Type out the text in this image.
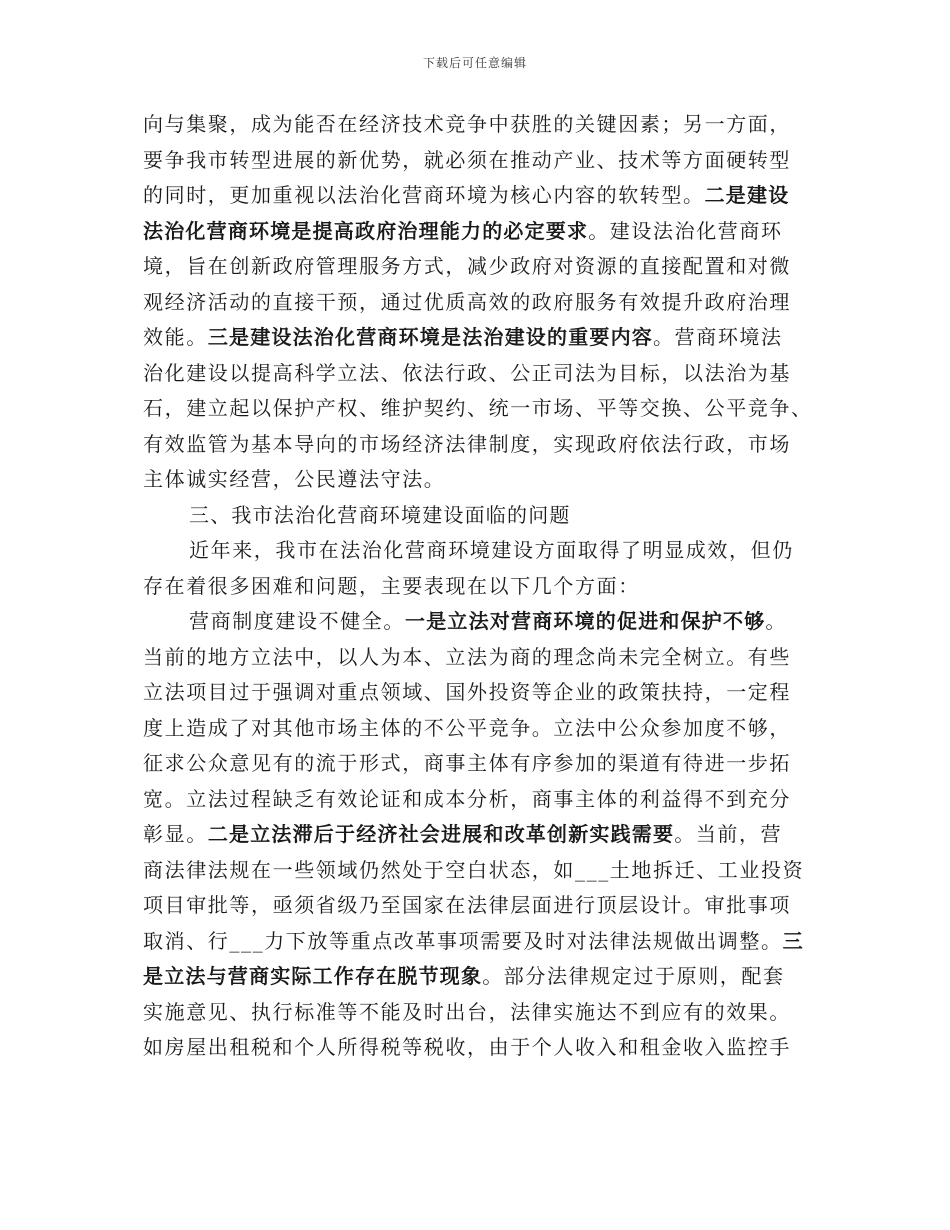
下载后可任意编辑
向与集聚，成为能否在经济技术竞争中获胜的关键因素；另一方面，
要争我市转型进展的新优势，就必须在推动产业、技术等方面硬转型
的同时，更加重视以法治化营商环境为核心内容的软转型。二是建设
法治化营商环境是提高政府治理能力的必定要求。建设法治化营商环
境，旨在创新政府管理服务方式，减少政府对资源的直接配置和对微
观经济活动的直接干预，通过优质高效的政府服务有效提升政府治理
效能。三是建设法治化营商环境是法治建设的重要内容。营商环境法
治化建设以提高科学立法、依法行政、公正司法为目标，以法治为基
石，建立起以保护产权、维护契约、统一市场、平等交换、公平竞争、
有效监管为基本导向的市场经济法律制度，实现政府依法行政，市场
主体诚实经营，公民遵法守法。
三、我市法治化营商环境建设面临的问题
近年来，我市在法治化营商环境建设方面取得了明显成效，但仍
存在着很多困难和问题，主要表现在以下几个方面：
营商制度建设不健全。一是立法对营商环境的促进和保护不够。
当前的地方立法中，以人为本、立法为商的理念尚未完全树立。有些
立法项目过于强调对重点领域、国外投资等企业的政策扶持，一定程
度上造成了对其他市场主体的不公平竞争。立法中公众参加度不够，
征求公众意见有的流于形式，商事主体有序参加的渠道有待进一步拓
宽。立法过程缺乏有效论证和成本分析，商事主体的利益得不到充分
彰显。二是立法滞后于经济社会进展和改革创新实践需要。当前，营
商法律法规在一些领域仍然处于空白状态，如___土地拆迁、工业投资
项目审批等，亟须省级乃至国家在法律层面进行顶层设计。审批事项
取消、行___力下放等重点改革事项需要及时对法律法规做出调整。三
是立法与营商实际工作存在脱节现象。部分法律规定过于原则，配套
实施意见、执行标准等不能及时出台，法律实施达不到应有的效果。
如房屋出租税和个人所得税等税收，由于个人收入和租金收入监控手
